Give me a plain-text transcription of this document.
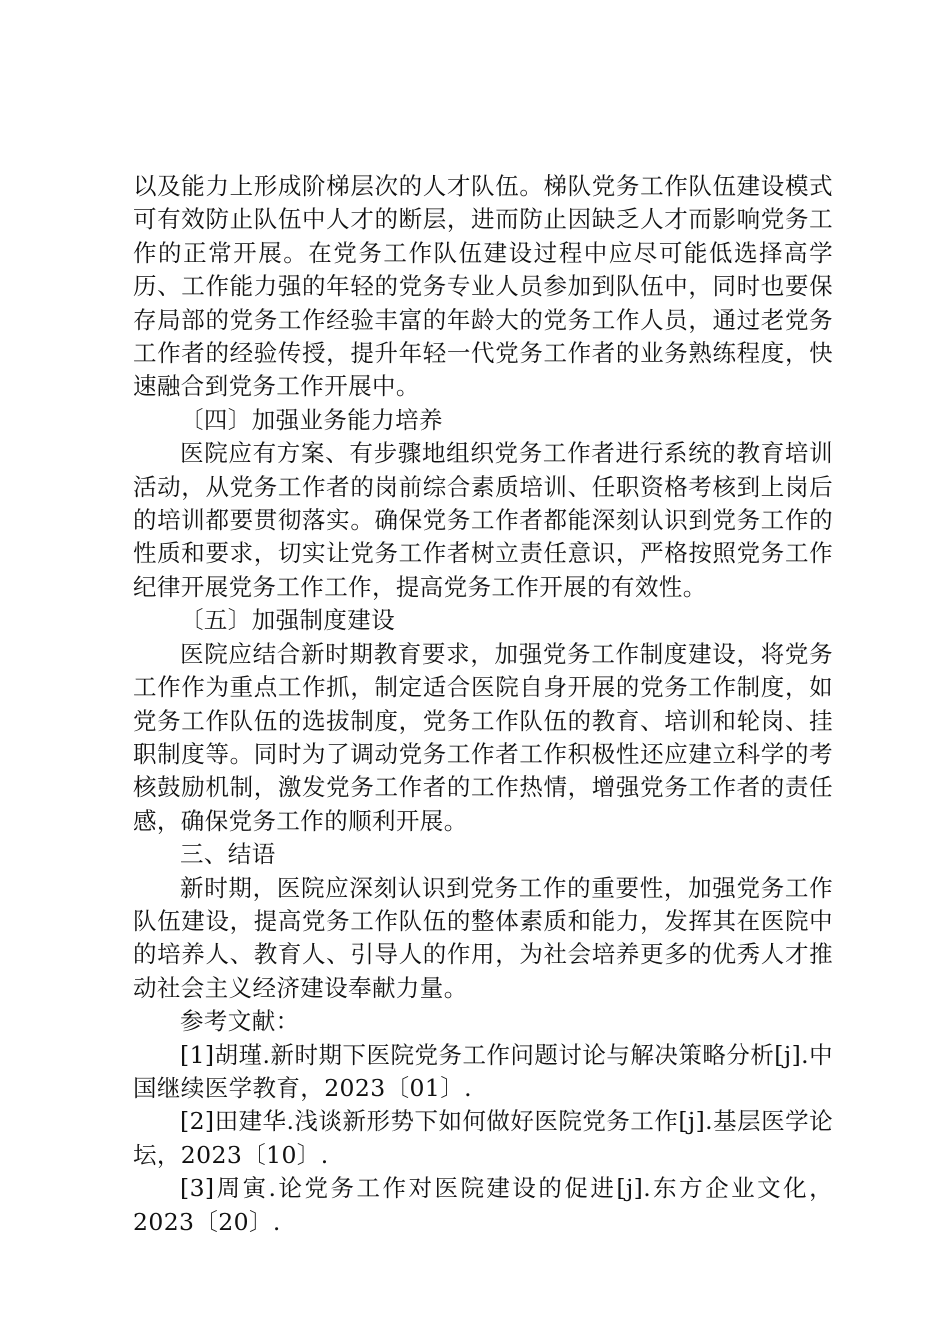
以及能力上形成阶梯层次的人才队伍。梯队党务工作队伍建设模式可有效防止队伍中人才的断层，进而防止因缺乏人才而影响党务工作的正常开展。在党务工作队伍建设过程中应尽可能低选择高学历、工作能力强的年轻的党务专业人员参加到队伍中，同时也要保存局部的党务工作经验丰富的年龄大的党务工作人员，通过老党务工作者的经验传授，提升年轻一代党务工作者的业务熟练程度，快速融合到党务工作开展中。

〔四〕加强业务能力培养

医院应有方案、有步骤地组织党务工作者进行系统的教育培训活动，从党务工作者的岗前综合素质培训、任职资格考核到上岗后的培训都要贯彻落实。确保党务工作者都能深刻认识到党务工作的性质和要求，切实让党务工作者树立责任意识，严格按照党务工作纪律开展党务工作工作，提高党务工作开展的有效性。

〔五〕加强制度建设

医院应结合新时期教育要求，加强党务工作制度建设，将党务工作作为重点工作抓，制定适合医院自身开展的党务工作制度，如党务工作队伍的选拔制度，党务工作队伍的教育、培训和轮岗、挂职制度等。同时为了调动党务工作者工作积极性还应建立科学的考核鼓励机制，激发党务工作者的工作热情，增强党务工作者的责任感，确保党务工作的顺利开展。

三、结语

新时期，医院应深刻认识到党务工作的重要性，加强党务工作队伍建设，提高党务工作队伍的整体素质和能力，发挥其在医院中的培养人、教育人、引导人的作用，为社会培养更多的优秀人才推动社会主义经济建设奉献力量。

参考文献：

[1]胡瑾.新时期下医院党务工作问题讨论与解决策略分析[j].中国继续医学教育，2023〔01〕.

[2]田建华.浅谈新形势下如何做好医院党务工作[j].基层医学论坛，2023〔10〕.

[3]周寅.论党务工作对医院建设的促进[j].东方企业文化，2023〔20〕.
